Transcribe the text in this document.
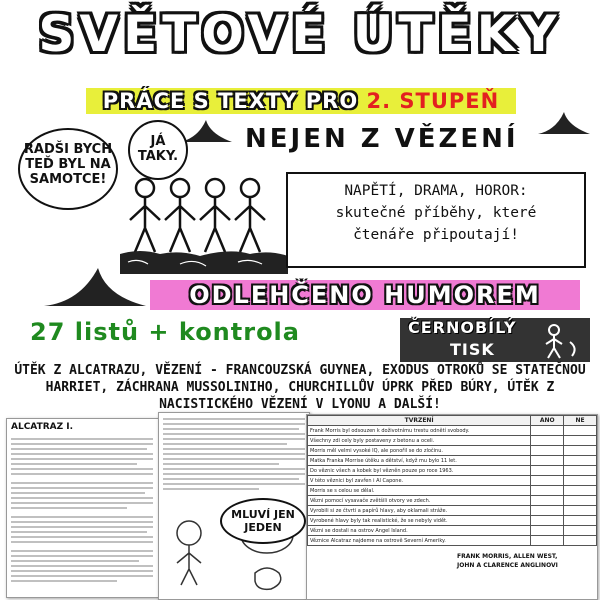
SVĚTOVÉ ÚTĚKY
PRÁCE S TEXTY PRO 2. STUPEŇ
NEJEN Z VĚZENÍ
RADŠI BYCH TEĎ BYL NA SAMOTCE!
JÁ TAKY.
NAPĚTÍ, DRAMA, HOROR:
skutečné příběhy, které
čtenáře připoutají!
ODLEHČENO HUMOREM
27 listů + kontrola	ČERNOBÍLÝ
TISK
ÚTĚK Z ALCATRAZU, VĚZENÍ - FRANCOUZSKÁ GUYNEA, EXODUS OTROKŮ SE STATEČNOU HARRIET, ZÁCHRANA MUSSOLINIHO, CHURCHILLŮV ÚPRK PŘED BÚRY, ÚTĚK Z NACISTICKÉHO VĚZENÍ V LYONU A DALŠÍ!
ALCATRAZ I.
TVRZENÍ	ANO	NE
Frank Morris byl odsouzen k doživotnímu trestu odnětí svobody.		
Všechny zdi cely byly postaveny z betonu a oceli.		
Morris měl velmi vysoké IQ, ale ponořil se do zločinu.		
Matka Franka Morrise útěku a dětství, když mu bylo 11 let.		
Do věznic všech a kobek byl vězněn pouze po roce 1963.		
V této věznici byl zavřen i Al Capone.		
Morris se s celou se dělal.		
Vězni pomocí vysavače zvětšili otvory ve zdech.		
Vyrobili si ze čtvrti a papírů hlavy, aby oklamali stráže.		
Vyrobené hlavy byly tak realistické, že se nebyly vidět.		
Vězni se dostali na ostrov Angel Island.		
Věznice Alcatraz najdeme na ostrově Severní Ameriky.		
FRANK MORRIS, ALLEN WEST,
JOHN A CLARENCE ANGLINOVI
MLUVÍ JEN JEDEN
